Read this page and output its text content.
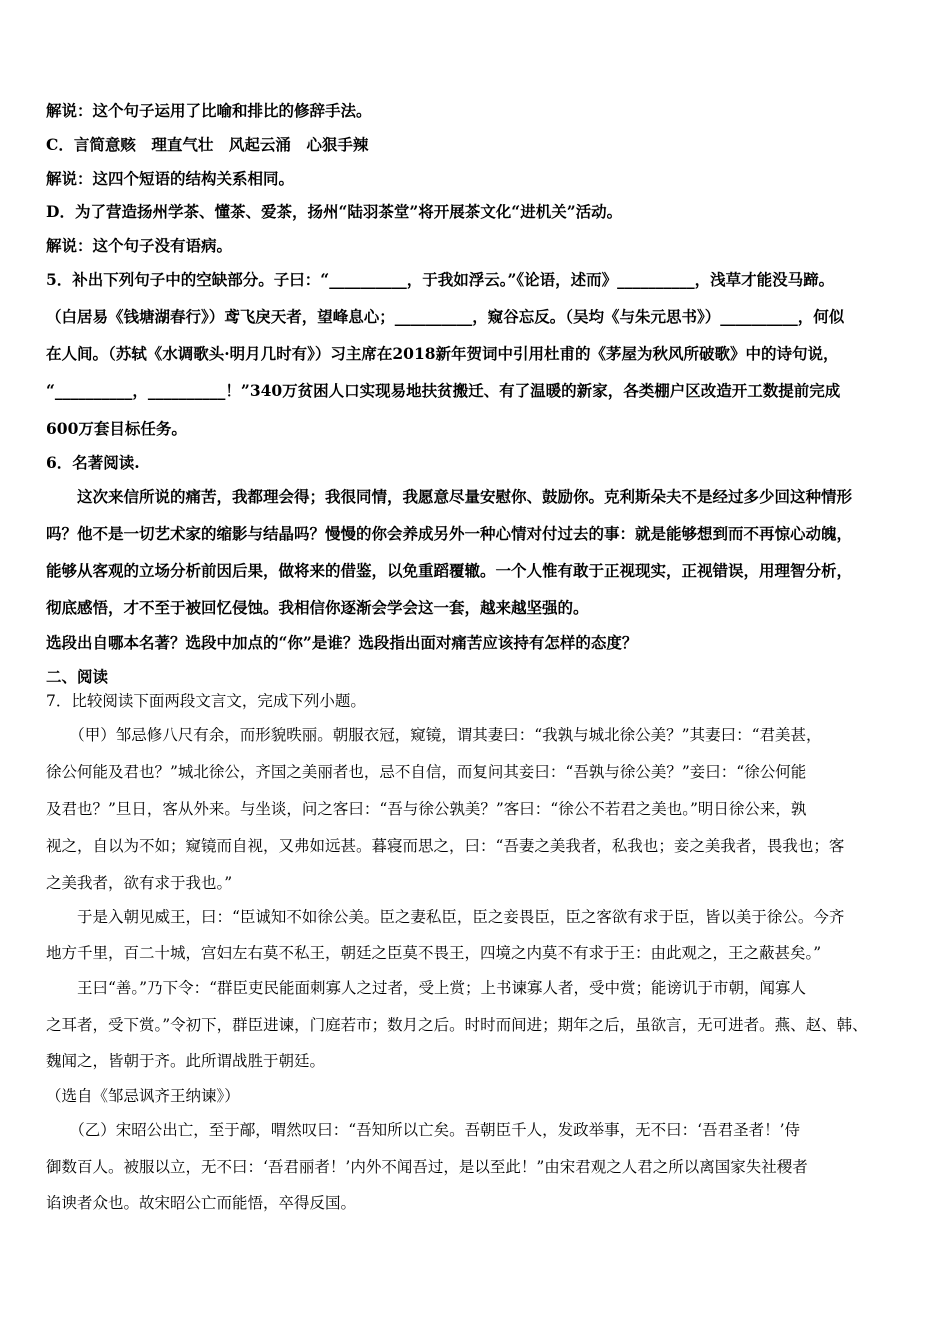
解说：这个句子运用了比喻和排比的修辞手法。
C．言简意赅　理直气壮　风起云涌　心狠手辣
解说：这四个短语的结构关系相同。
D．为了营造扬州学茶、懂茶、爱茶，扬州“陆羽茶堂”将开展茶文化“进机关”活动。
解说：这个句子没有语病。
5．补出下列句子中的空缺部分。子曰：“__________，于我如浮云。”《论语，述而》__________，浅草才能没马蹄。
（白居易《钱塘湖春行》）鸢飞戾天者，望峰息心；__________，窥谷忘反。（吴均《与朱元思书》）__________，何似
在人间。（苏轼《水调歌头·明月几时有》）习主席在2018新年贺词中引用杜甫的《茅屋为秋风所破歌》中的诗句说，
“__________，__________！”340万贫困人口实现易地扶贫搬迁、有了温暖的新家，各类棚户区改造开工数提前完成
600万套目标任务。
6．名著阅读.
　　这次来信所说的痛苦，我都理会得；我很同情，我愿意尽量安慰你、鼓励你。克利斯朵夫不是经过多少回这种情形
吗？他不是一切艺术家的缩影与结晶吗？慢慢的你会养成另外一种心情对付过去的事：就是能够想到而不再惊心动魄，
能够从客观的立场分析前因后果，做将来的借鉴，以免重蹈覆辙。一个人惟有敢于正视现实，正视错误，用理智分析，
彻底感悟，才不至于被回忆侵蚀。我相信你逐渐会学会这一套，越来越坚强的。
选段出自哪本名著？选段中加点的“你”是谁？选段指出面对痛苦应该持有怎样的态度？
二、阅读
7．比较阅读下面两段文言文，完成下列小题。
　　（甲）邹忌修八尺有余，而形貌昳丽。朝服衣冠，窥镜，谓其妻曰：“我孰与城北徐公美？”其妻曰：“君美甚，
徐公何能及君也？”城北徐公，齐国之美丽者也，忌不自信，而复问其妾曰：“吾孰与徐公美？”妾曰：“徐公何能
及君也？”旦日，客从外来。与坐谈，问之客曰：“吾与徐公孰美？”客曰：“徐公不若君之美也。”明日徐公来，孰
视之，自以为不如；窥镜而自视，又弗如远甚。暮寝而思之，曰：“吾妻之美我者，私我也；妾之美我者，畏我也；客
之美我者，欲有求于我也。”
　　于是入朝见威王，曰：“臣诚知不如徐公美。臣之妻私臣，臣之妾畏臣，臣之客欲有求于臣，皆以美于徐公。今齐
地方千里，百二十城，宫妇左右莫不私王，朝廷之臣莫不畏王，四境之内莫不有求于王：由此观之，王之蔽甚矣。”
　　王曰“善。”乃下令：“群臣吏民能面刺寡人之过者，受上赏；上书谏寡人者，受中赏；能谤讥于市朝，闻寡人
之耳者，受下赏。”令初下，群臣进谏，门庭若市；数月之后。时时而间进；期年之后，虽欲言，无可进者。燕、赵、韩、
魏闻之，皆朝于齐。此所谓战胜于朝廷。
（选自《邹忌讽齐王纳谏》）
　　（乙）宋昭公出亡，至于鄗，喟然叹曰：“吾知所以亡矣。吾朝臣千人，发政举事，无不曰：‘吾君圣者！’侍
御数百人。被服以立，无不曰：‘吾君丽者！’内外不闻吾过，是以至此！”由宋君观之人君之所以离国家失社稷者
谄谀者众也。故宋昭公亡而能悟，卒得反国。
